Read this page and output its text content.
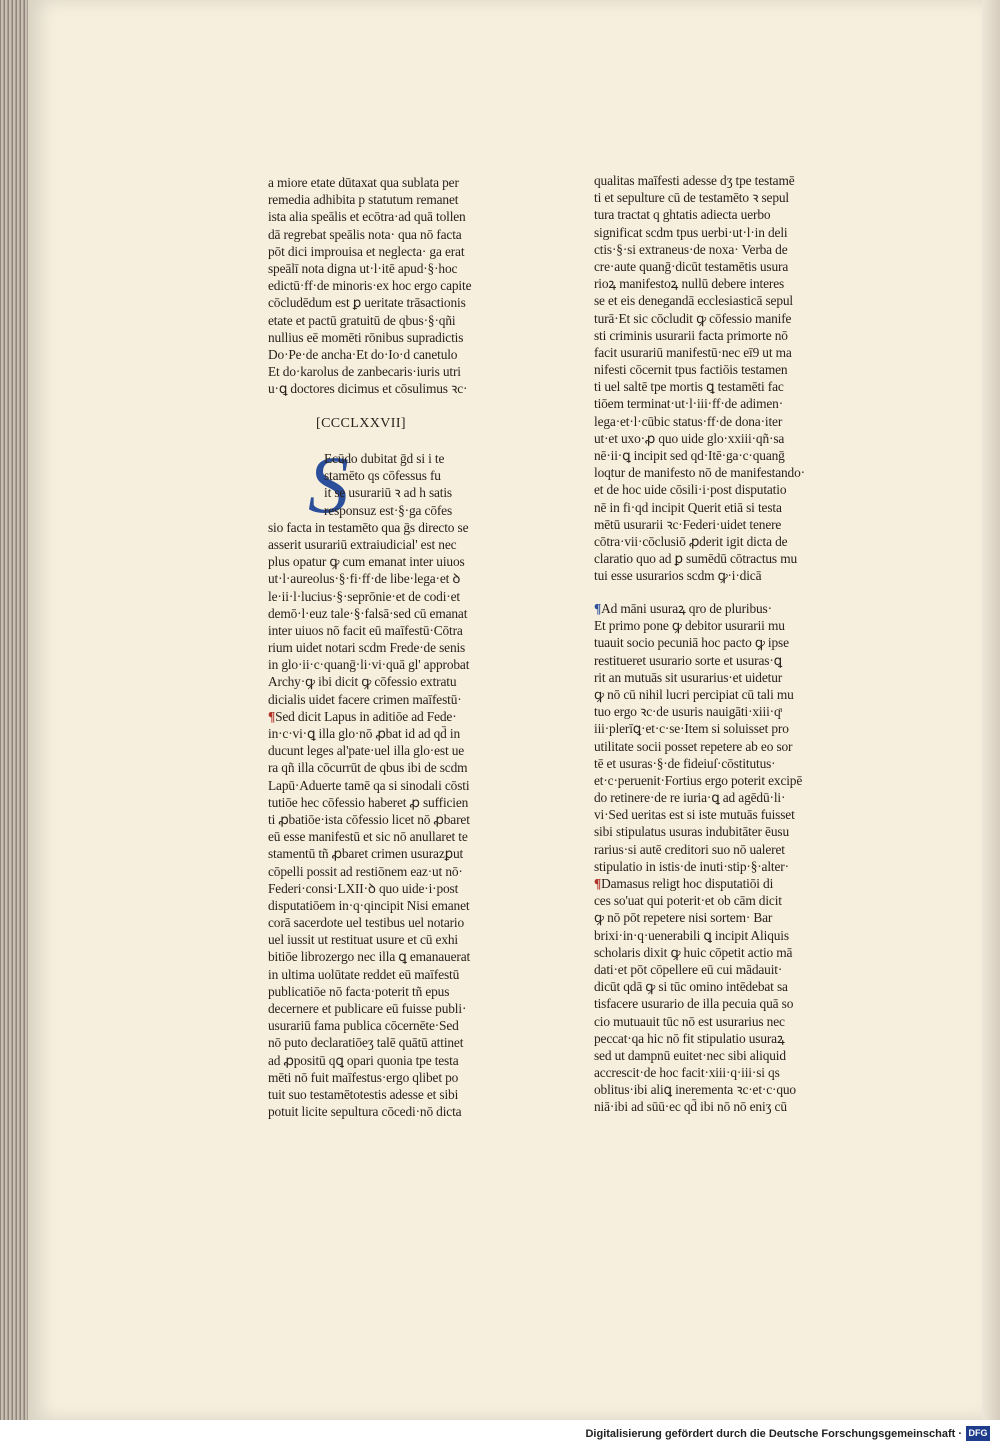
a miore etate dūtaxat qua sublata per
remedia adhibita p statutum remanet
ista alia speālis et ecōtra·ad quā tollen
dā regrebat speālis nota· qua nō facta
pōt dici improuisa et neglecta· ga erat
speālī nota digna ut·l·itē apud·§·hoc
edictū·ff·de minoris·ex hoc ergo capite
cōcludēdum est ꝑ ueritate trāsactionis
etate et pactū gratuitū de qbus·§·qñi
nullius eē momēti rōnibus supradictis
Do·Pe·de ancha·Et do·Io·d canetulo
Et do·karolus de zanbecaris·iuris utri
u·ꝗ doctores dicimus et cōsulimus ꝛc·
[CCCLXXVII]
S
Ecūdo dubitat ḡd si i te
stamēto qs cōfessus fu
it se usurariū ꝛ ad h satis
responsuz est·§·ga cōfes
sio facta in testamēto qua ḡs directo se
asserit usurariū extraiudicial' est nec
plus opatur ꝙ cum emanat inter uiuos
ut·l·aureolus·§·fi·ff·de libe·lega·et ꝺ
le·ii·l·lucius·§·seprōnie·et de codi·et
demō·l·euz tale·§·falsā·sed cū emanat
inter uiuos nō facit eū maīfestū·Cōtra
rium uidet notari scdm Frede·de senis
in glo·ii·c·quanḡ·li·vi·quā gl' approbat
Archy·ꝙ ibi dicit ꝙ cōfessio extratu
dicialis uidet facere crimen maīfestū·
¶Sed dicit Lapus in aditiōe ad Fede·
in·c·vi·ꝗ illa glo·nō ꝓbat id ad qd̄ in
ducunt leges al'pate·uel illa glo·est ue
ra qñ illa cōcurrūt de qbus ibi de scdm
Lapū·Aduerte tamē qa si sinodali cōsti
tutiōe hec cōfessio haberet ꝓ sufficien
ti ꝓbatiōe·ista cōfessio licet nō ꝓbaret
eū esse manifestū et sic nō anullaret te
stamentū tñ ꝓbaret crimen usurazꝑut
cōpelli possit ad restiōnem eaz·ut nō·
Federi·consi·LXII·ꝺ quo uide·i·post
disputatiōem in·q·qincipit Nisi emanet
corā sacerdote uel testibus uel notario
uel iussit ut restituat usure et cū exhi
bitiōe librozergo nec illa ꝗ emanauerat
in ultima uolūtate reddet eū maīfestū
publicatiōe nō facta·poterit tñ epus
decernere et publicare eū fuisse publi·
usurariū fama publica cōcernēte·Sed
nō puto declaratiōeʒ talē quātū attinet
ad ꝓpositū qꝗ opari quonia tpe testa
mēti nō fuit maīfestus·ergo qlibet po
tuit suo testamētotestis adesse et sibi
potuit licite sepultura cōcedi·nō dicta
qualitas maīfesti adesse dʒ tpe testamē
ti et sepulture cū de testamēto ꝛ sepul
tura tractat q ghtatis adiecta uerbo
significat scdm tpus uerbi·ut·l·in deli
ctis·§·si extraneus·de noxa· Verba de
cre·aute quanḡ·dicūt testamētis usura
rioꝝ manifestoꝝ nullū debere interes
se et eis denegandā ecclesiasticā sepul
turā·Et sic cōcludit ꝙ cōfessio manife
sti criminis usurarii facta primorte nō
facit usurariū manifestū·nec eī9 ut ma
nifesti cōcernit tpus factiōis testamen
ti uel saltē tpe mortis ꝗ testamēti fac
tiōem terminat·ut·l·iii·ff·de adimen·
lega·et·l·cūbic status·ff·de dona·iter
ut·et uxo·ꝓ quo uide glo·xxiii·qñ·sa
nē·ii·ꝗ incipit sed qd·Itē·ga·c·quanḡ
loqtur de manifesto nō de manifestando·
et de hoc uide cōsili·i·post disputatio
nē in fi·qd incipit Querit etiā si testa
mētū usurarii ꝛc·Federi·uidet tenere
cōtra·vii·cōclusiō ꝓderit igit dicta de
claratio quo ad ꝑ sumēdū cōtractus mu
tui esse usurarios scdm ꝙ·i·dicā
¶Ad māni usuraꝝ qro de pluribus·
Et primo pone ꝙ debitor usurarii mu
tuauit socio pecuniā hoc pacto ꝙ ipse
restitueret usurario sorte et usuras·ꝗ
rit an mutuās sit usurarius·et uidetur
ꝙ nō cū nihil lucri percipiat cū tali mu
tuo ergo ꝛc·de usuris nauigāti·xiii·qͣ
iii·plerīꝗ·et·c·se·Item si soluisset pro
utilitate socii posset repetere ab eo sor
tē et usuras·§·de fideiuſ·cōstitutus·
et·c·peruenit·Fortius ergo poterit excipē
do retinere·de re iuria·ꝗ ad agēdū·li·
vi·Sed ueritas est si iste mutuās fuisset
sibi stipulatus usuras indubitāter ēusu
rarius·si autē creditori suo nō ualeret
stipulatio in istis·de inuti·stip·§·alter·
¶Damasus religt hoc disputatiōi di
ces so'uat qui poterit·et ob cām dicit
ꝙ nō pōt repetere nisi sortem· Bar
brixi·in·q·uenerabili ꝗ incipit Aliquis
scholaris dixit ꝙ huic cōpetit actio mā
dati·et pōt cōpellere eū cui mādauit·
dicūt qdā ꝙ si tūc omino intēdebat sa
tisfacere usurario de illa pecuia quā so
cio mutuauit tūc nō est usurarius nec
peccat·qa hic nō fit stipulatio usuraꝝ
sed ut dampnū euitet·nec sibi aliquid
accrescit·de hoc facit·xiii·q·iii·si qs
oblitus·ibi aliꝗ inerementa ꝛc·et·c·quo
niā·ibi ad sūū·ec qd̄ ibi nō nō eniʒ cū
Digitalisierung gefördert durch die Deutsche Forschungsgemeinschaft · DFG
